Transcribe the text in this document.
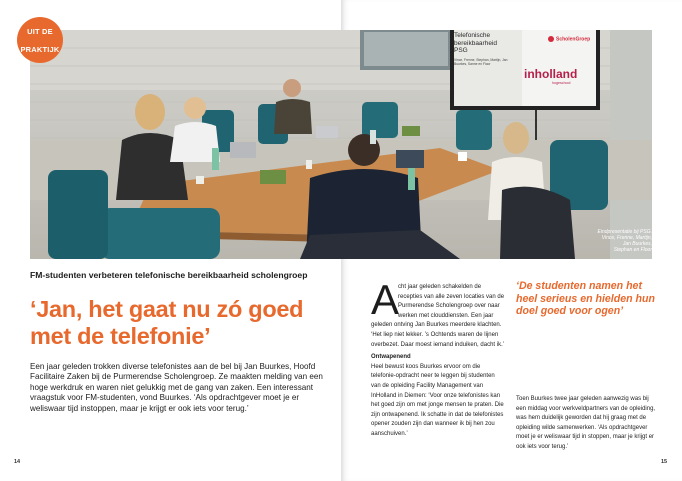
Telefonische
bereikbaarheid
PSG
Vince, Frenne, Stephan, Martijn, Jan Buurkes, Sanne en Floor
ScholenGroep
inholland
hogeschool
Eindpresentatie bij PSG.
Vince, Frenne, Martijn,
Jan Buurkes,
Stephan en Floor
UIT DE

PRAKTIJK
FM-studenten verbeteren telefonische bereikbaarheid scholengroep
‘Jan, het gaat nu zó goed met de telefonie’
Een jaar geleden trokken diverse telefonistes aan de bel bij Jan Buurkes, Hoofd Facilitaire Zaken bij de Purmerendse Scholengroep. Ze maakten melding van een hoge werkdruk en waren niet gelukkig met de gang van zaken. Een interessant vraagstuk voor FM-studenten, vond Buurkes. ‘Als opdrachtgever moet je er weliswaar tijd instoppen, maar je krijgt er ook iets voor terug.’
14
A
cht jaar geleden schakelden de recepties van alle zeven locaties van de Purmerendse Scholengroep over naar werken met clouddiensten. Een jaar geleden ontving Jan Buurkes meerdere klachten. ‘Het liep niet lekker. ’s Ochtends waren de lijnen overbezet. Daar moest iemand induiken, dacht ik.’
Ontwapenend
Heel bewust koos Buurkes ervoor om die telefonie-opdracht neer te leggen bij studenten van de opleiding Facility Management van InHolland in Diemen: ‘Voor onze telefonistes kan het goed zijn om met jonge mensen te praten. Die zijn ontwapenend. Ik schatte in dat de telefonistes opener zouden zijn dan wanneer ik bij hen zou aanschuiven.’
‘De studenten namen het heel serieus en hielden hun doel goed voor ogen’
Toen Buurkes twee jaar geleden aanwezig was bij een middag voor werkveldpartners van de opleiding, was hem duidelijk geworden dat hij graag met de opleiding wilde samenwerken. ‘Als opdrachtgever moet je er weliswaar tijd in stoppen, maar je krijgt er ook iets voor terug.’
15
